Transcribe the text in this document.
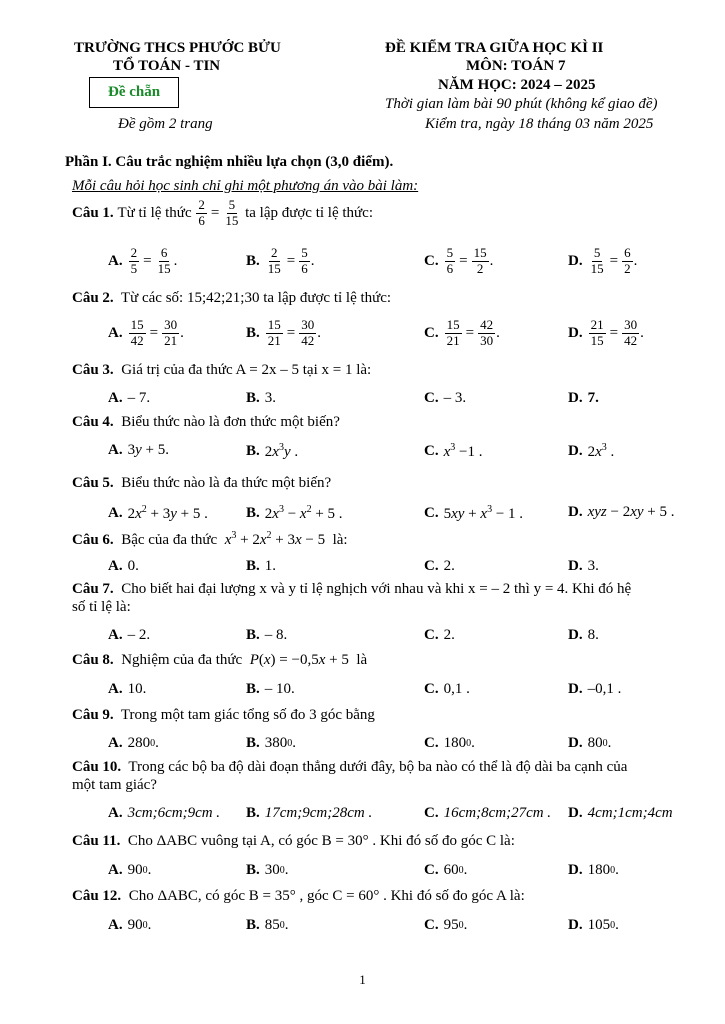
TRƯỜNG THCS PHƯỚC BỬU
TỔ TOÁN - TIN
Đề chẵn
Đề gồm 2 trang
ĐỀ KIỂM TRA GIỮA HỌC KÌ II
MÔN: TOÁN 7
NĂM HỌC: 2024 – 2025
Thời gian làm bài 90 phút (không kể giao đề)
Kiểm tra, ngày 18 tháng 03 năm 2025
Phần I. Câu trắc nghiệm nhiều lựa chọn (3,0 điểm).
Mỗi câu hỏi học sinh chỉ ghi một phương án vào bài làm:
Câu 1.
Từ tỉ lệ thức
$\frac{2}{6} = \frac{5}{15}$
ta lập được tỉ lệ thức:
A. $\frac{2}{5} = \frac{6}{15}$ .	B. $\frac{2}{15} = \frac{5}{6}$ .	C. $\frac{5}{6} = \frac{15}{2}$ .	D. $\frac{5}{15} = \frac{6}{2}$ .
Câu 2. Từ các số: 15;42;21;30 ta lập được tỉ lệ thức:
A. $\frac{15}{42} = \frac{30}{21}$ .	B. $\frac{15}{21} = \frac{30}{42}$ .	C. $\frac{15}{21} = \frac{42}{30}$ .	D. $\frac{21}{15} = \frac{30}{42}$ .
Câu 3. Giá trị của đa thức A = 2x – 5 tại x = 1 là:
A. – 7.	B. 3.	C. – 3.	D. 7.
Câu 4. Biểu thức nào là đơn thức một biến?
A. 3y + 5.	B. $2x^3y$ .	C. $x^3 -1$ .	D. $2x^3$ .
Câu 5. Biểu thức nào là đa thức một biến?
A. $2x^2 + 3y + 5$ .	B. $2x^3 - x^2 + 5$ .	C. $5xy + x^3 - 1$ .	D. xyz − 2xy + 5 .
Câu 6. Bậc của đa thức $x^3 + 2x^2 + 3x - 5$ là:
A. 0.	B. 1.	C. 2.	D. 3.
Câu 7. Cho biết hai đại lượng x và y tỉ lệ nghịch với nhau và khi x = – 2 thì y = 4. Khi đó hệ
số tỉ lệ là:
A. – 2.	B. – 8.	C. 2.	D. 8.
Câu 8. Nghiệm của đa thức P(x) = −0,5x + 5 là
A. 10.	B. – 10.	C. 0,1 .	D. –0,1 .
Câu 9. Trong một tam giác tổng số đo 3 góc bằng
A. 280 0 .	B. 380 0 .	C. 180 0 .	D. 80 0 .
Câu 10. Trong các bộ ba độ dài đoạn thẳng dưới đây, bộ ba nào có thể là độ dài ba cạnh của
một tam giác?
A. 3cm;6cm;9cm . B. 17cm;9cm;28cm .	C. 16cm;8cm;27cm . D. 4cm;1cm;4cm
Câu 11. Cho ΔABC vuông tại A, có góc B = 30° . Khi đó số đo góc C là:
A. 90 0 .	B. 30 0 .	C. 60 0 .	D. 180 0 .
Câu 12. Cho ΔABC, có góc B = 35° , góc C = 60° . Khi đó số đo góc A là:
A. 90 0 .	B. 85 0 .	C. 95 0 .	D. 105 0 .
1
